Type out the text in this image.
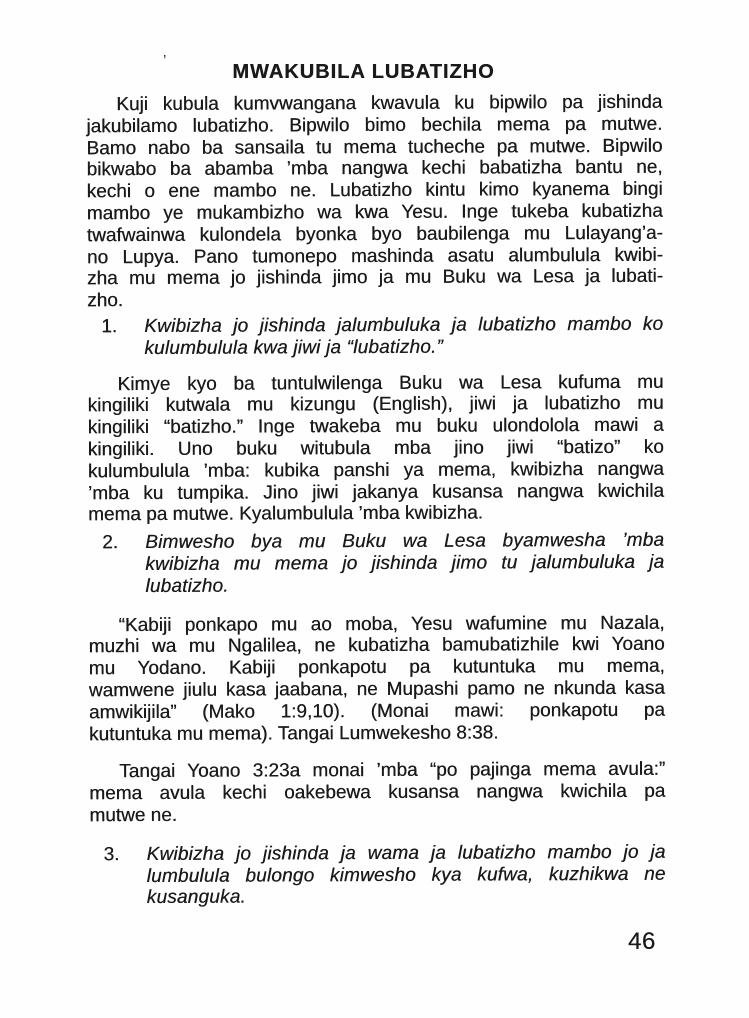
’
MWAKUBILA LUBATIZHO
Kuji kubula kumvwangana kwavula ku bipwilo pa jishinda
jakubilamo lubatizho. Bipwilo bimo bechila mema pa mutwe.
Bamo nabo ba sansaila tu mema tucheche pa mutwe. Bipwilo
bikwabo ba abamba ’mba nangwa kechi babatizha bantu ne,
kechi o ene mambo ne. Lubatizho kintu kimo kyanema bingi
mambo ye mukambizho wa kwa Yesu. Inge tukeba kubatizha
twafwainwa kulondela byonka byo baubilenga mu Lulayang’a-
no Lupya. Pano tumonepo mashinda asatu alumbulula kwibi-
zha mu mema jo jishinda jimo ja mu Buku wa Lesa ja lubati-
zho.
1.	Kwibizha jo jishinda jalumbuluka ja lubatizho mambo ko
kulumbulula kwa jiwi ja “lubatizho.”
Kimye kyo ba tuntulwilenga Buku wa Lesa kufuma mu
kingiliki kutwala mu kizungu (English), jiwi ja lubatizho mu
kingiliki “batizho.” Inge twakeba mu buku ulondolola mawi a
kingiliki. Uno buku witubula mba jino jiwi “batizo” ko
kulumbulula ’mba: kubika panshi ya mema, kwibizha nangwa
’mba ku tumpika. Jino jiwi jakanya kusansa nangwa kwichila
mema pa mutwe. Kyalumbulula ’mba kwibizha.
2.	Bimwesho bya mu Buku wa Lesa byamwesha ’mba
kwibizha mu mema jo jishinda jimo tu jalumbuluka ja
lubatizho.
“Kabiji ponkapo mu ao moba, Yesu wafumine mu Nazala,
muzhi wa mu Ngalilea, ne kubatizha bamubatizhile kwi Yoano
mu Yodano. Kabiji ponkapotu pa kutuntuka mu mema,
wamwene jiulu kasa jaabana, ne Mupashi pamo ne nkunda kasa
amwikijila” (Mako 1:9,10). (Monai mawi: ponkapotu pa
kutuntuka mu mema). Tangai Lumwekesho 8:38.
Tangai Yoano 3:23a monai ’mba “po pajinga mema avula:”
mema avula kechi oakebewa kusansa nangwa kwichila pa
mutwe ne.
3.	Kwibizha jo jishinda ja wama ja lubatizho mambo jo ja
lumbulula bulongo kimwesho kya kufwa, kuzhikwa ne
kusanguka.
46
